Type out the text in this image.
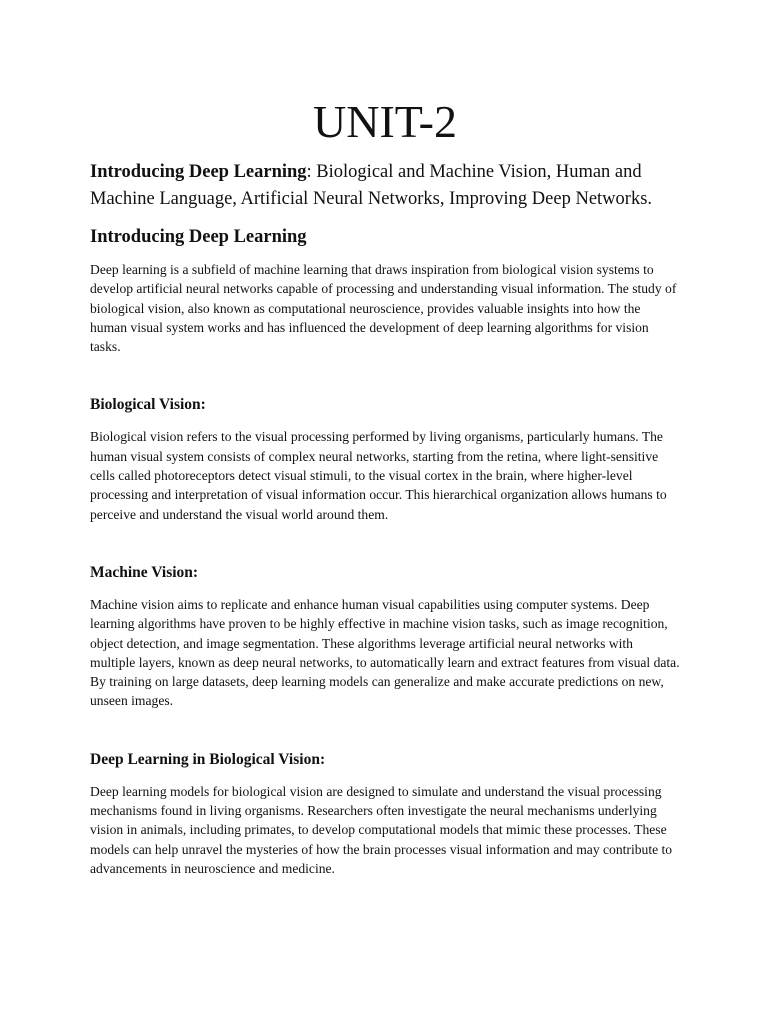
UNIT-2

Introducing Deep Learning: Biological and Machine Vision, Human and Machine Language, Artificial Neural Networks, Improving Deep Networks.

Introducing Deep Learning

Deep learning is a subfield of machine learning that draws inspiration from biological vision systems to develop artificial neural networks capable of processing and understanding visual information. The study of biological vision, also known as computational neuroscience, provides valuable insights into how the human visual system works and has influenced the development of deep learning algorithms for vision tasks.

Biological Vision:

Biological vision refers to the visual processing performed by living organisms, particularly humans. The human visual system consists of complex neural networks, starting from the retina, where light-sensitive cells called photoreceptors detect visual stimuli, to the visual cortex in the brain, where higher-level processing and interpretation of visual information occur. This hierarchical organization allows humans to perceive and understand the visual world around them.

Machine Vision:

Machine vision aims to replicate and enhance human visual capabilities using computer systems. Deep learning algorithms have proven to be highly effective in machine vision tasks, such as image recognition, object detection, and image segmentation. These algorithms leverage artificial neural networks with multiple layers, known as deep neural networks, to automatically learn and extract features from visual data. By training on large datasets, deep learning models can generalize and make accurate predictions on new, unseen images.

Deep Learning in Biological Vision:

Deep learning models for biological vision are designed to simulate and understand the visual processing mechanisms found in living organisms. Researchers often investigate the neural mechanisms underlying vision in animals, including primates, to develop computational models that mimic these processes. These models can help unravel the mysteries of how the brain processes visual information and may contribute to advancements in neuroscience and medicine.
